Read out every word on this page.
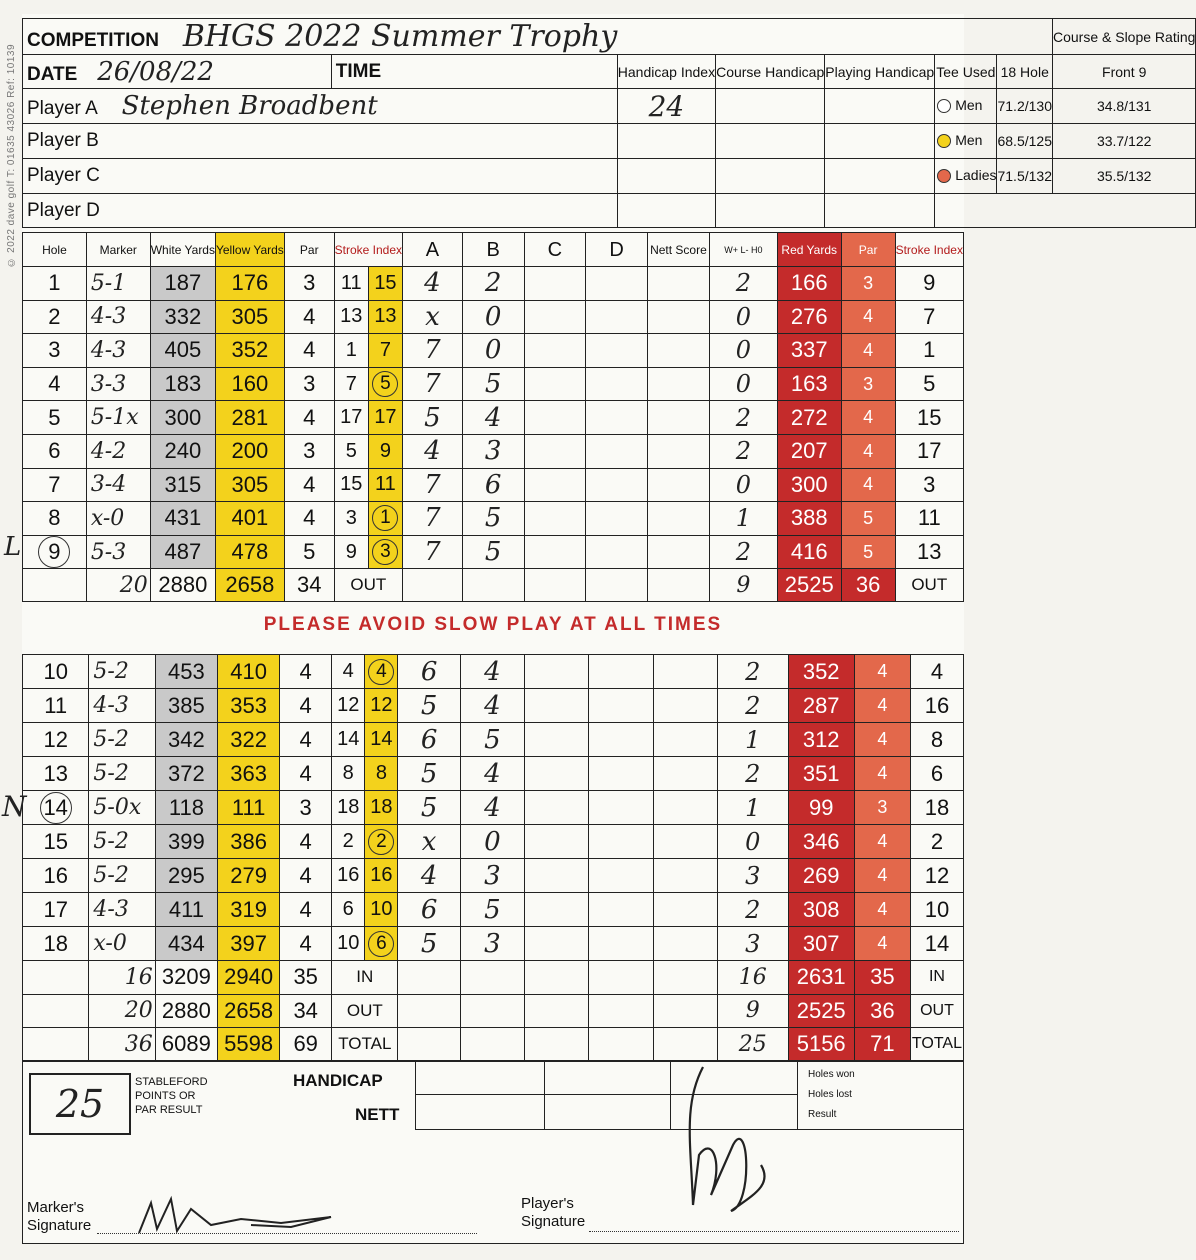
© 2022 dave golf T: 01635 43026 Ref: 10139
COMPETITION BHGS 2022 Summer Trophy							Course & Slope Rating
DATE 26/08/22	TIME	Handicap Index	Course Handicap	Playing Handicap	Tee Used	18 Hole	Front 9
Player A Stephen Broadbent		24			Men	71.2/130	34.8/131
Player B					Men	68.5/125	33.7/122
Player C					Ladies	71.5/132	35.5/132
Player D							
Hole	Marker	White Yards	Yellow Yards	Par	Stroke Index		A	B	C	D	Nett Score	W+ L- H0	Red Yards	Par	Stroke Index
1	5-1	187	176	3	11	15	4	2				2	166	3	9
2	4-3	332	305	4	13	13	x	0				0	276	4	7
3	4-3	405	352	4	1	7	7	0				0	337	4	1
4	3-3	183	160	3	7	5	7	5				0	163	3	5
5	5-1x	300	281	4	17	17	5	4				2	272	4	15
6	4-2	240	200	3	5	9	4	3				2	207	4	17
7	3-4	315	305	4	15	11	7	6				0	300	4	3
8	x-0	431	401	4	3	1	7	5				1	388	5	11
9	5-3	487	478	5	9	3	7	5				2	416	5	13
	20	2880	2658	34	OUT							9	2525	36	OUT
L
PLEASE AVOID SLOW PLAY AT ALL TIMES
10	5-2	453	410	4	4	4	6	4				2	352	4	4
11	4-3	385	353	4	12	12	5	4				2	287	4	16
12	5-2	342	322	4	14	14	6	5				1	312	4	8
13	5-2	372	363	4	8	8	5	4				2	351	4	6
14	5-0x	118	111	3	18	18	5	4				1	99	3	18
15	5-2	399	386	4	2	2	x	0				0	346	4	2
16	5-2	295	279	4	16	16	4	3				3	269	4	12
17	4-3	411	319	4	6	10	6	5				2	308	4	10
18	x-0	434	397	4	10	6	5	3				3	307	4	14
	16	3209	2940	35	IN							16	2631	35	IN
	20	2880	2658	34	OUT							9	2525	36	OUT
	36	6089	5598	69	TOTAL							25	5156	71	TOTAL
N
25	STABLEFORD
POINTS OR
PAR RESULT
HANDICAP
NETT
Holes won
Holes lost
Result
Marker's
Signature
Player's
Signature
